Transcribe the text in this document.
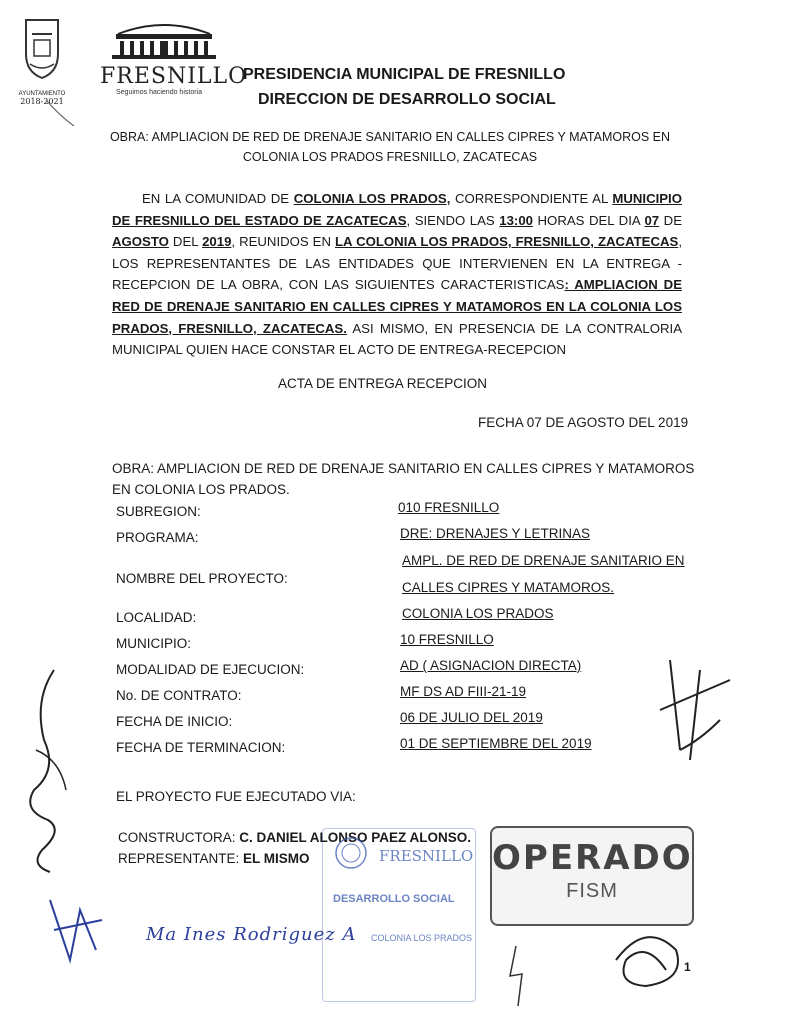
AYUNTAMIENTO
2018-2021
FRESNILLO
Seguimos haciendo historia
PRESIDENCIA MUNICIPAL DE FRESNILLO
DIRECCION DE DESARROLLO SOCIAL
OBRA: AMPLIACION DE RED DE DRENAJE SANITARIO EN CALLES CIPRES Y MATAMOROS EN
COLONIA LOS PRADOS FRESNILLO, ZACATECAS
EN LA COMUNIDAD DE COLONIA LOS PRADOS, CORRESPONDIENTE AL MUNICIPIO DE FRESNILLO DEL ESTADO DE ZACATECAS, SIENDO LAS 13:00 HORAS DEL DIA 07 DE AGOSTO DEL 2019, REUNIDOS EN LA COLONIA LOS PRADOS, FRESNILLO, ZACATECAS, LOS REPRESENTANTES DE LAS ENTIDADES QUE INTERVIENEN EN LA ENTREGA - RECEPCION DE LA OBRA, CON LAS SIGUIENTES CARACTERISTICAS: AMPLIACION DE RED DE DRENAJE SANITARIO EN CALLES CIPRES Y MATAMOROS EN LA COLONIA LOS PRADOS, FRESNILLO, ZACATECAS. ASI MISMO, EN PRESENCIA DE LA CONTRALORIA MUNICIPAL QUIEN HACE CONSTAR EL ACTO DE ENTREGA-RECEPCION
ACTA DE ENTREGA RECEPCION
FECHA 07 DE AGOSTO DEL 2019
OBRA: AMPLIACION DE RED DE DRENAJE SANITARIO EN CALLES CIPRES Y MATAMOROS
EN COLONIA LOS PRADOS.
SUBREGION:	010 FRESNILLO
PROGRAMA:	DRE: DRENAJES Y LETRINAS
NOMBRE DEL PROYECTO:
AMPL. DE RED DE DRENAJE SANITARIO EN
CALLES CIPRES Y MATAMOROS.
LOCALIDAD:	COLONIA LOS PRADOS
MUNICIPIO:	10 FRESNILLO
MODALIDAD DE EJECUCION:	AD ( ASIGNACION DIRECTA)
No. DE CONTRATO:	MF DS AD FIII-21-19
FECHA DE INICIO:	06 DE JULIO DEL 2019
FECHA DE TERMINACION:	01 DE SEPTIEMBRE DEL 2019
EL PROYECTO FUE EJECUTADO VIA:
CONSTRUCTORA: C. DANIEL ALONSO PAEZ ALONSO.
REPRESENTANTE: EL MISMO	FRESNILLO
DESARROLLO SOCIAL
COLONIA LOS PRADOS
OPERADO
FISM
Ma Ines Rodriguez A
1
